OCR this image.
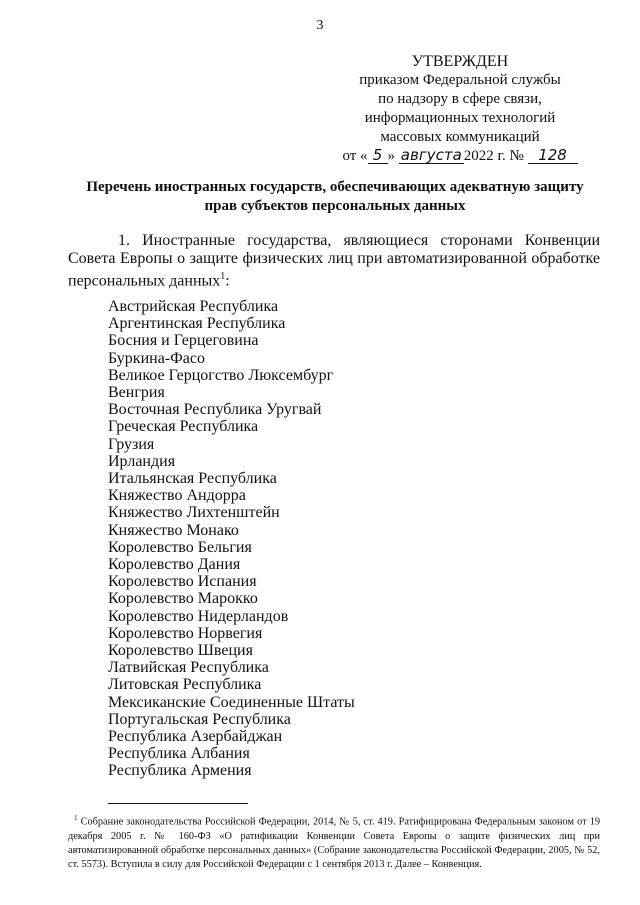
3
УТВЕРЖДЕН
приказом Федеральной службы
по надзору в сфере связи,
информационных технологий
массовых коммуникаций
от « 5 » августа 2022 г. № 128
Перечень иностранных государств, обеспечивающих адекватную защиту прав субъектов персональных данных

1. Иностранные государства, являющиеся сторонами Конвенции Совета Европы о защите физических лиц при автоматизированной обработке персональных данных$^1$:

Австрийская Республика
Аргентинская Республика
Босния и Герцеговина
Буркина-Фасо
Великое Герцогство Люксембург
Венгрия
Восточная Республика Уругвай
Греческая Республика
Грузия
Ирландия
Итальянская Республика
Княжество Андорра
Княжество Лихтенштейн
Княжество Монако
Королевство Бельгия
Королевство Дания
Королевство Испания
Королевство Марокко
Королевство Нидерландов
Королевство Норвегия
Королевство Швеция
Латвийская Республика
Литовская Республика
Мексиканские Соединенные Штаты
Португальская Республика
Республика Азербайджан
Республика Албания
Республика Армения

$^1$ Собрание законодательства Российской Федерации, 2014, № 5, ст. 419. Ратифицирована Федеральным законом от 19 декабря 2005 г. № 160-ФЗ «О ратификации Конвенции Совета Европы о защите физических лиц при автоматизированной обработке персональных данных» (Собрание законодательства Российской Федерации, 2005, № 52, ст. 5573). Вступила в силу для Российской Федерации с 1 сентября 2013 г. Далее – Конвенция.
